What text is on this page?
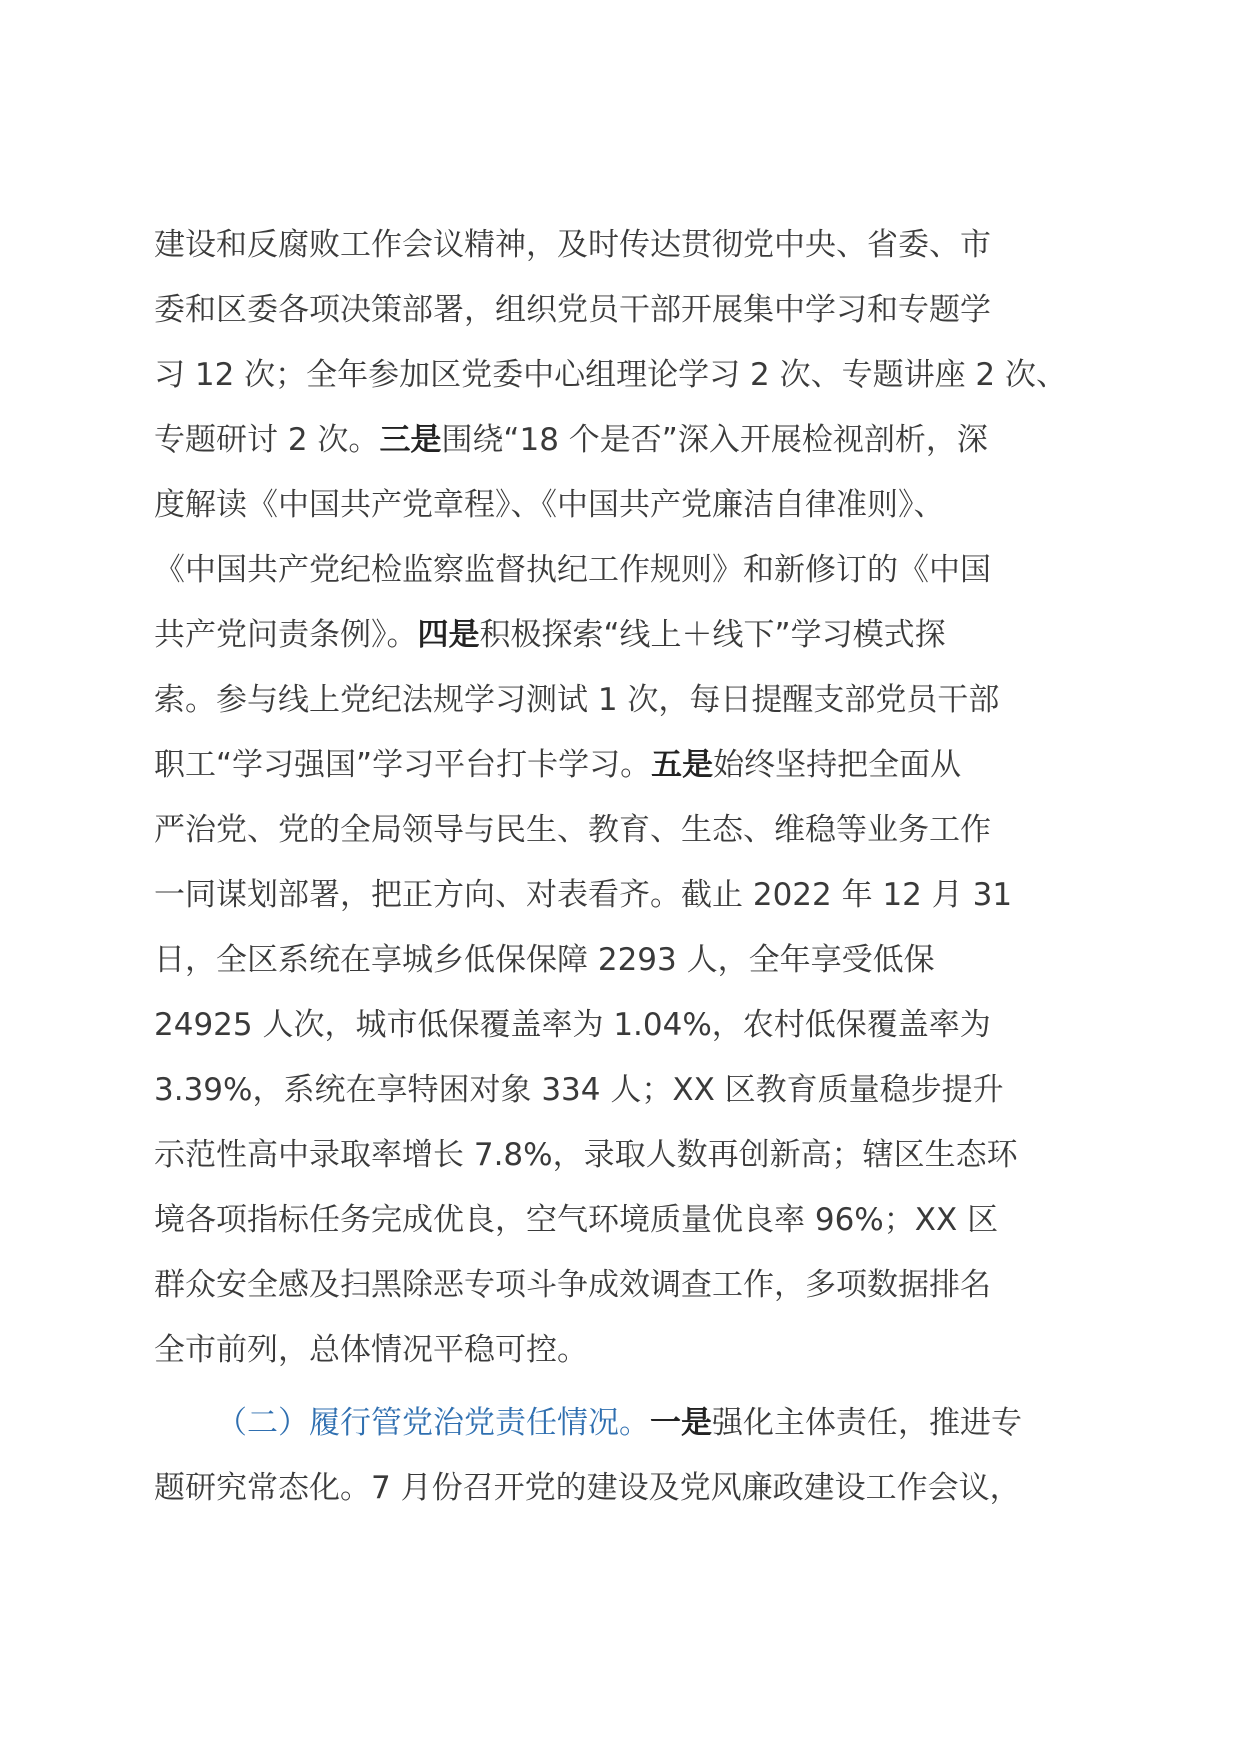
建设和反腐败工作会议精神，及时传达贯彻党中央、省委、市
委和区委各项决策部署，组织党员干部开展集中学习和专题学
习 12 次；全年参加区党委中心组理论学习 2 次、专题讲座 2 次、
专题研讨 2 次。三是围绕“18 个是否”深入开展检视剖析，深
度解读《中国共产党章程》、《中国共产党廉洁自律准则》、
《中国共产党纪检监察监督执纪工作规则》和新修订的《中国
共产党问责条例》。四是积极探索“线上＋线下”学习模式探
索。参与线上党纪法规学习测试 1 次，每日提醒支部党员干部
职工“学习强国”学习平台打卡学习。五是始终坚持把全面从
严治党、党的全局领导与民生、教育、生态、维稳等业务工作
一同谋划部署，把正方向、对表看齐。截止 2022 年 12 月 31
日，全区系统在享城乡低保保障 2293 人，全年享受低保
24925 人次，城市低保覆盖率为 1.04%，农村低保覆盖率为
3.39%，系统在享特困对象 334 人；XX 区教育质量稳步提升
示范性高中录取率增长 7.8%，录取人数再创新高；辖区生态环
境各项指标任务完成优良，空气环境质量优良率 96%；XX 区
群众安全感及扫黑除恶专项斗争成效调查工作，多项数据排名
全市前列，总体情况平稳可控。
（二）履行管党治党责任情况。一是强化主体责任，推进专
题研究常态化。7 月份召开党的建设及党风廉政建设工作会议，
